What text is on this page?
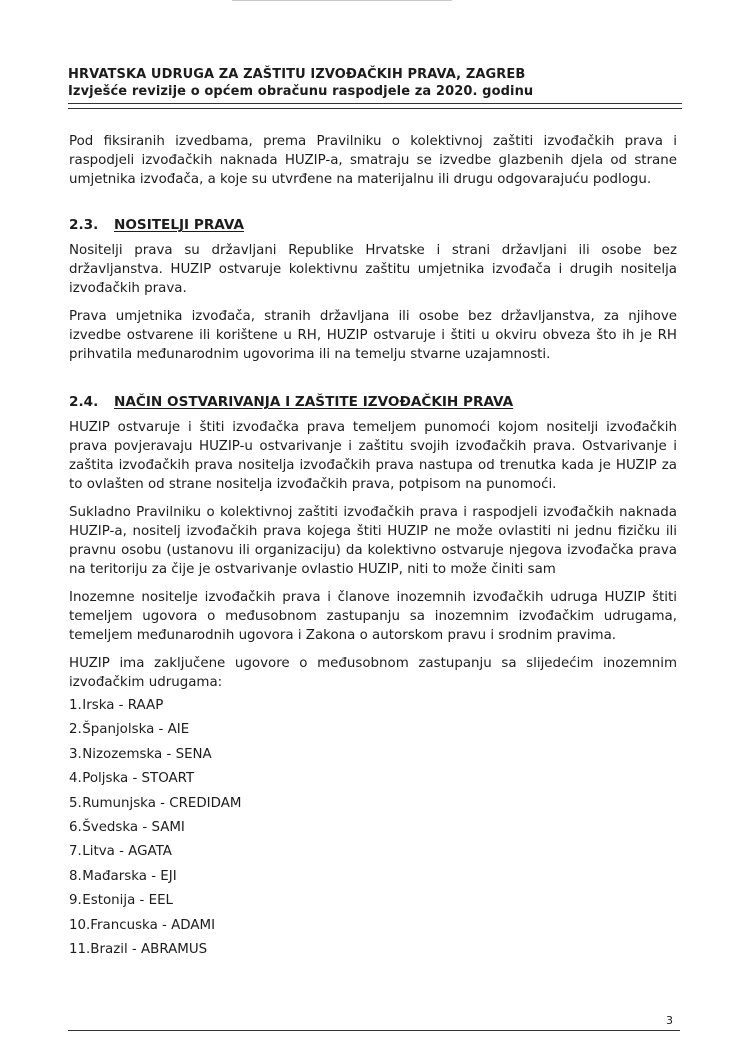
HRVATSKA UDRUGA ZA ZAŠTITU IZVOĐAČKIH PRAVA, ZAGREB
Izvješće revizije o općem obračunu raspodjele za 2020. godinu

Pod fiksiranih izvedbama, prema Pravilniku o kolektivnoj zaštiti izvođačkih prava i raspodjeli izvođačkih naknada HUZIP-a, smatraju se izvedbe glazbenih djela od strane umjetnika izvođača, a koje su utvrđene na materijalnu ili drugu odgovarajuću podlogu.

2.3. NOSITELJI PRAVA

Nositelji prava su državljani Republike Hrvatske i strani državljani ili osobe bez državljanstva. HUZIP ostvaruje kolektivnu zaštitu umjetnika izvođača i drugih nositelja izvođačkih prava.

Prava umjetnika izvođača, stranih državljana ili osobe bez državljanstva, za njihove izvedbe ostvarene ili korištene u RH, HUZIP ostvaruje i štiti u okviru obveza što ih je RH prihvatila međunarodnim ugovorima ili na temelju stvarne uzajamnosti.

2.4. NAČIN OSTVARIVANJA I ZAŠTITE IZVOĐAČKIH PRAVA

HUZIP ostvaruje i štiti izvođačka prava temeljem punomoći kojom nositelji izvođačkih prava povjeravaju HUZIP-u ostvarivanje i zaštitu svojih izvođačkih prava. Ostvarivanje i zaštita izvođačkih prava nositelja izvođačkih prava nastupa od trenutka kada je HUZIP za to ovlašten od strane nositelja izvođačkih prava, potpisom na punomoći.

Sukladno Pravilniku o kolektivnoj zaštiti izvođačkih prava i raspodjeli izvođačkih naknada HUZIP-a, nositelj izvođačkih prava kojega štiti HUZIP ne može ovlastiti ni jednu fizičku ili pravnu osobu (ustanovu ili organizaciju) da kolektivno ostvaruje njegova izvođačka prava na teritoriju za čije je ostvarivanje ovlastio HUZIP, niti to može činiti sam

Inozemne nositelje izvođačkih prava i članove inozemnih izvođačkih udruga HUZIP štiti temeljem ugovora o međusobnom zastupanju sa inozemnim izvođačkim udrugama, temeljem međunarodnih ugovora i Zakona o autorskom pravu i srodnim pravima.

HUZIP ima zaključene ugovore o međusobnom zastupanju sa slijedećim inozemnim izvođačkim udrugama:

1. Irska - RAAP
2. Španjolska - AIE
3. Nizozemska - SENA
4. Poljska - STOART
5. Rumunjska - CREDIDAM
6. Švedska - SAMI
7. Litva - AGATA
8. Mađarska - EJI
9. Estonija - EEL
10.Francuska - ADAMI
11.Brazil - ABRAMUS
3
